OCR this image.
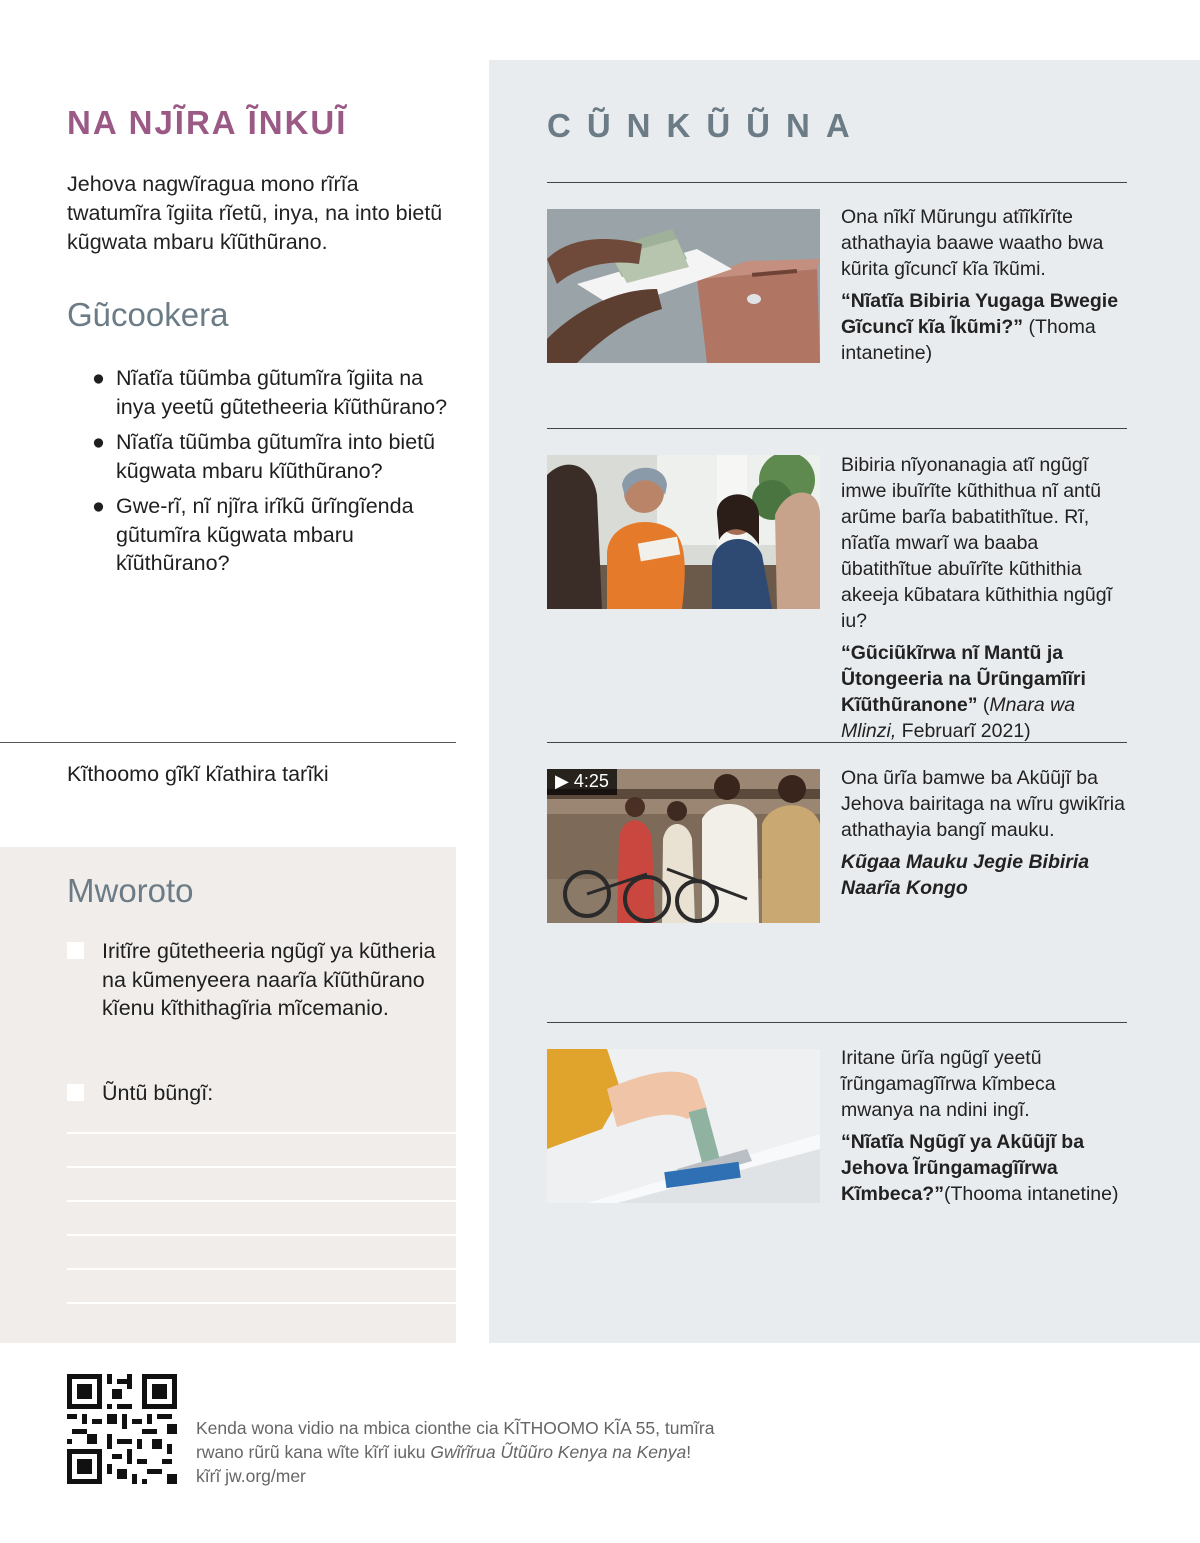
NA NJĨRA ĨNKUĨ
Jehova nagwĩragua mono rĩrĩa twatumĩra ĩgiita rĩetũ, inya, na into bietũ kũgwata mbaru kĩũthũrano.
Gũcookera
● Nĩatĩa tũũmba gũtumĩra ĩgiita na inya yeetũ gũtetheeria kĩũthũrano?
● Nĩatĩa tũũmba gũtumĩra into bietũ kũgwata mbaru kĩũthũrano?
● Gwe-rĩ, nĩ njĩra irĩkũ ũrĩngĩenda gũtumĩra kũgwata mbaru kĩũthũrano?
Kĩthoomo gĩkĩ kĩathira tarĩki
Mworoto
Iritĩre gũtetheeria ngũgĩ ya kũtheria na kũmenyeera naarĩa kĩũthũrano kĩenu kĩthithagĩria mĩcemanio.
Ũntũ bũngĩ:
CŨNKŨŨNA

Ona nĩkĩ Mũrungu atĩĩkĩrĩte athathayia baawe waatho bwa kũrita gĩcuncĩ kĩa ĩkũmi.

“Nĩatĩa Bibiria Yugaga Bwegie Gĩcuncĩ kĩa Ĩkũmi?” (Thoma intanetine)

Bibiria nĩyonanagia atĩ ngũgĩ imwe ibuĩrĩte kũthithua nĩ antũ arũme barĩa babatithĩtue. Rĩ, nĩatĩa mwarĩ wa baaba ũbatithĩtue abuĩrĩte kũthithia akeeja kũbatara kũthithia ngũgĩ iu?

“Gũciũkĩrwa nĩ Mantũ ja Ũtongeeria na Ũrũngamĩĩri Kĩũthũranone” (Mnara wa Mlinzi, Februarĩ 2021)

▶ 4:25	Ona ũrĩa bamwe ba Akũũjĩ ba Jehova bairitaga na wĩru gwikĩria athathayia bangĩ mauku.

Kũgaa Mauku Jegie Bibiria Naarĩa Kongo

Iritane ũrĩa ngũgĩ yeetũ ĩrũngamagĩĩrwa kĩmbeca mwanya na ndini ingĩ.

“Nĩatĩa Ngũgĩ ya Akũũjĩ ba Jehova Ĩrũngamagĩĩrwa Kĩmbeca?”(Thooma intanetine)

Kenda wona vidio na mbica cionthe cia KĨTHOOMO KĨA 55, tumĩra rwano rũrũ kana wĩte kĩrĩ iuku Gwĩrĩrua Ũtũũro Kenya na Kenya! kĩrĩ jw.org/mer
